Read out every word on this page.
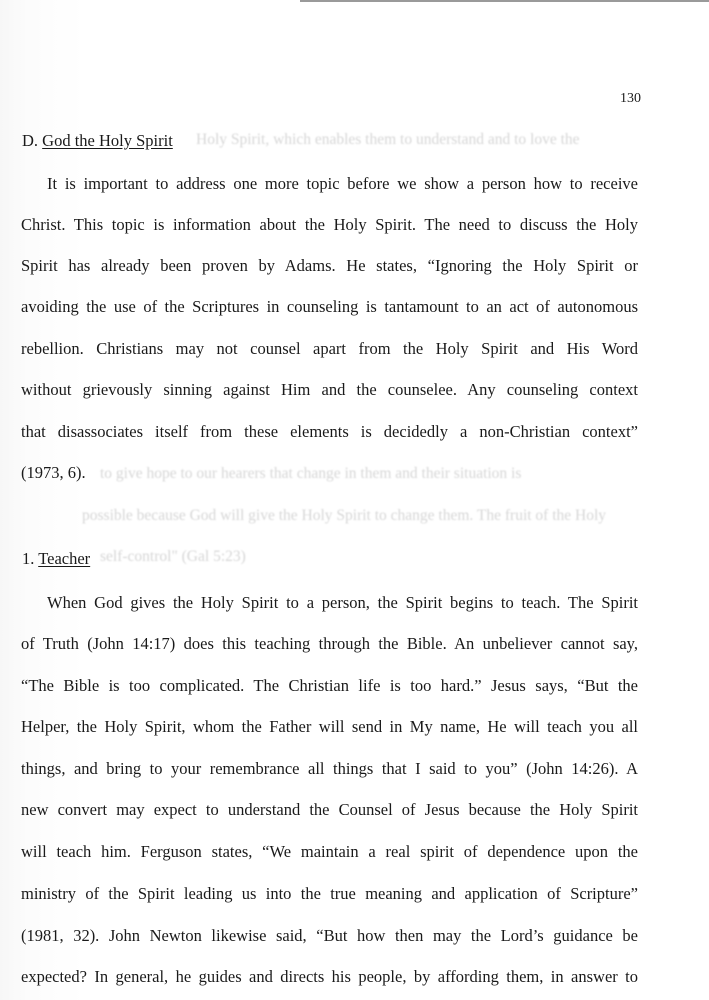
Holy Spirit, which enables them to understand and to love the

to give hope to our hearers that change in them and their situation is

possible because God will give the Holy Spirit to change them. The fruit of the Holy

self-control" (Gal 5:23)

130

D. God the Holy Spirit

It is important to address one more topic before we show a person how to receive

Christ. This topic is information about the Holy Spirit. The need to discuss the Holy

Spirit has already been proven by Adams. He states, “Ignoring the Holy Spirit or

avoiding the use of the Scriptures in counseling is tantamount to an act of autonomous

rebellion. Christians may not counsel apart from the Holy Spirit and His Word

without grievously sinning against Him and the counselee. Any counseling context

that disassociates itself from these elements is decidedly a non-Christian context”

(1973, 6).

1. Teacher

When God gives the Holy Spirit to a person, the Spirit begins to teach. The Spirit

of Truth (John 14:17) does this teaching through the Bible. An unbeliever cannot say,

“The Bible is too complicated. The Christian life is too hard.” Jesus says, “But the

Helper, the Holy Spirit, whom the Father will send in My name, He will teach you all

things, and bring to your remembrance all things that I said to you” (John 14:26). A

new convert may expect to understand the Counsel of Jesus because the Holy Spirit

will teach him. Ferguson states, “We maintain a real spirit of dependence upon the

ministry of the Spirit leading us into the true meaning and application of Scripture”

(1981, 32). John Newton likewise said, “But how then may the Lord’s guidance be

expected? In general, he guides and directs his people, by affording them, in answer to
